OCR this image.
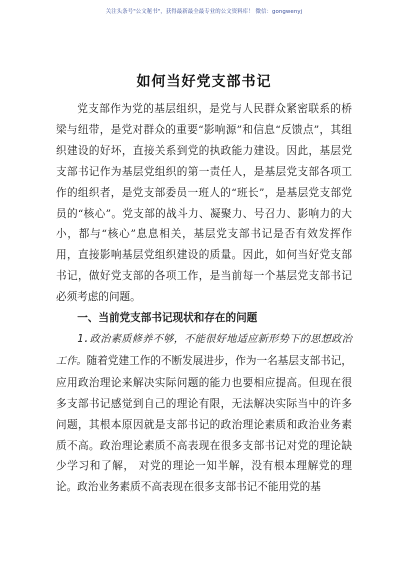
关注头条号"公文秘书"，获得最新最全最专业的公文资料库！ 微信：gongwenyj
如何当好党支部书记

党支部作为党的基层组织，是党与人民群众紧密联系的桥梁与纽带，是党对群众的重要“影响源”和信息“反馈点”，其组织建设的好坏，直接关系到党的执政能力建设。因此，基层党支部书记作为基层党组织的第一责任人，是基层党支部各项工作的组织者，是党支部委员一班人的“班长”，是基层党支部党员的“核心”。党支部的战斗力、凝聚力、号召力、影响力的大小，都与“核心”息息相关，基层党支部书记是否有效发挥作用，直接影响基层党组织建设的质量。因此，如何当好党支部书记，做好党支部的各项工作，是当前每一个基层党支部书记必须考虑的问题。

一、当前党支部书记现状和存在的问题

1.政治素质修养不够，不能很好地适应新形势下的思想政治工作。随着党建工作的不断发展进步，作为一名基层支部书记，应用政治理论来解决实际问题的能力也要相应提高。但现在很多支部书记感觉到自己的理论有限，无法解决实际当中的许多问题，其根本原因就是支部书记的政治理论素质和政治业务素质不高。政治理论素质不高表现在很多支部书记对党的理论缺少学习和了解， 对党的理论一知半解，没有根本理解党的理论。政治业务素质不高表现在很多支部书记不能用党的基
